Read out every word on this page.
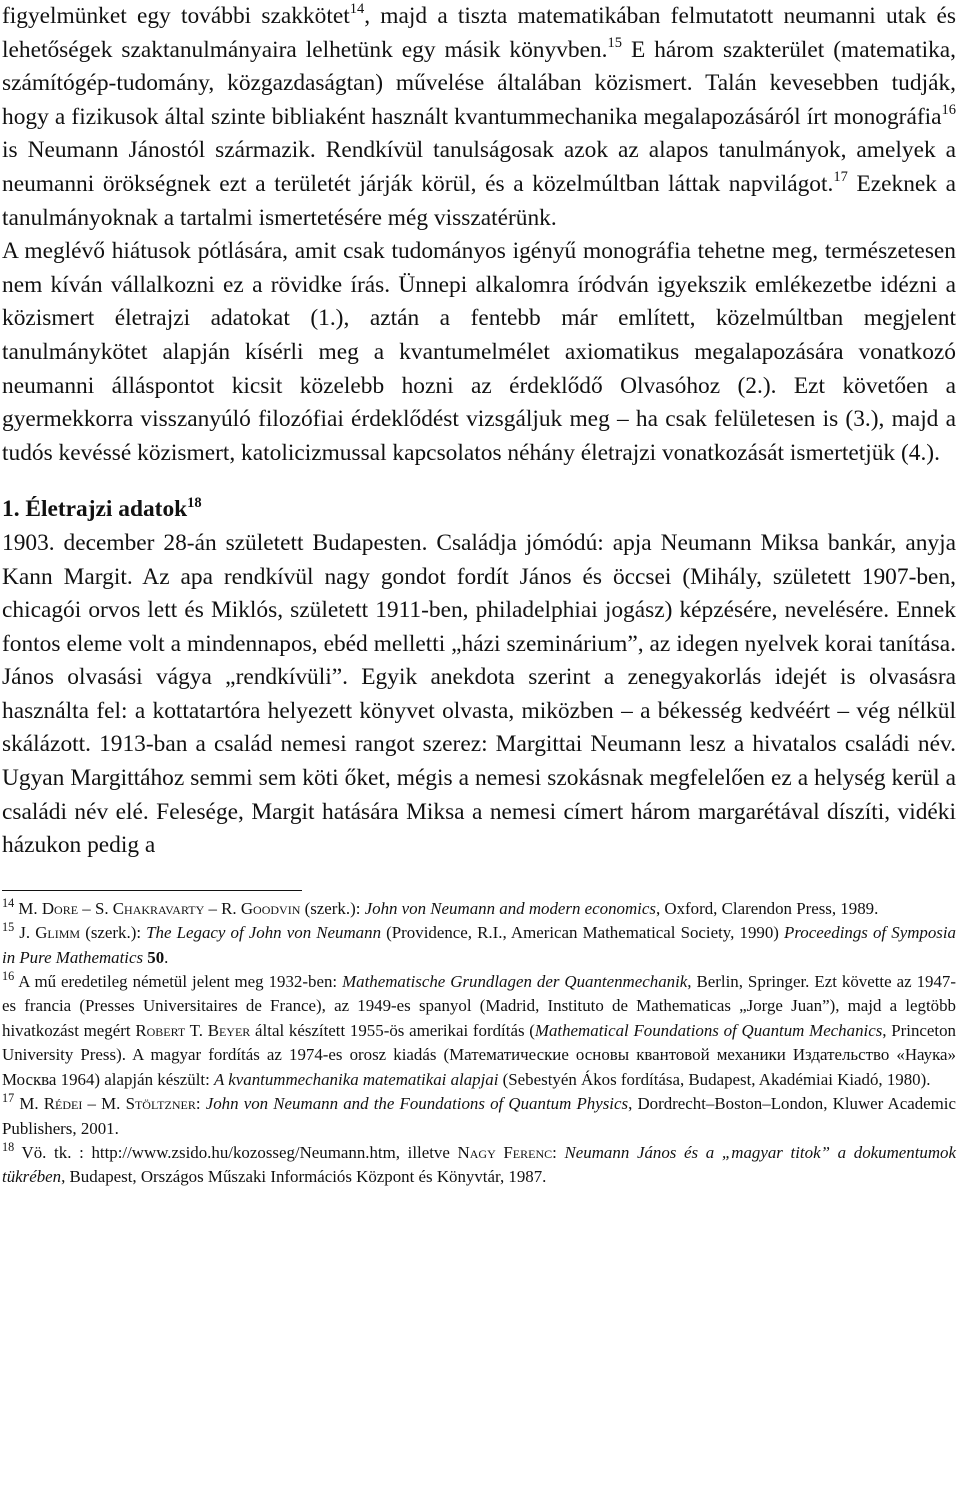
figyelmünket egy további szakkötet$^{14}$, majd a tiszta matematikában felmutatott neumanni utak és lehetőségek szaktanulmányaira lelhetünk egy másik könyvben.$^{15}$ E három szakterület (matematika, számítógép-tudomány, közgazdaságtan) művelése általában közismert. Talán kevesebben tudják, hogy a fizikusok által szinte bibliaként használt kvantummechanika megalapozásáról írt monográfia$^{16}$ is Neumann Jánostól származik. Rendkívül tanulságosak azok az alapos tanulmányok, amelyek a neumanni örökségnek ezt a területét járják körül, és a közelmúltban láttak napvilágot.$^{17}$ Ezeknek a tanulmányoknak a tartalmi ismertetésére még visszatérünk.

A meglévő hiátusok pótlására, amit csak tudományos igényű monográfia tehetne meg, természetesen nem kíván vállalkozni ez a rövidke írás. Ünnepi alkalomra íródván igyekszik emlékezetbe idézni a közismert életrajzi adatokat (1.), aztán a fentebb már említett, közelmúltban megjelent tanulmánykötet alapján kísérli meg a kvantumelmélet axiomatikus megalapozására vonatkozó neumanni álláspontot kicsit közelebb hozni az érdeklődő Olvasóhoz (2.). Ezt követően a gyermekkorra visszanyúló filozófiai érdeklődést vizsgáljuk meg – ha csak felületesen is (3.), majd a tudós kevéssé közismert, katolicizmussal kapcsolatos néhány életrajzi vonatkozását ismertetjük (4.).

1. Életrajzi adatok$^{18}$

1903. december 28-án született Budapesten. Családja jómódú: apja Neumann Miksa bankár, anyja Kann Margit. Az apa rendkívül nagy gondot fordít János és öccsei (Mihály, született 1907-ben, chicagói orvos lett és Miklós, született 1911-ben, philadelphiai jogász) képzésére, nevelésére. Ennek fontos eleme volt a mindennapos, ebéd melletti „házi szeminárium”, az idegen nyelvek korai tanítása. János olvasási vágya „rendkívüli”. Egyik anekdota szerint a zenegyakorlás idejét is olvasásra használta fel: a kottatartóra helyezett könyvet olvasta, miközben – a békesség kedvéért – vég nélkül skálázott. 1913-ban a család nemesi rangot szerez: Margittai Neumann lesz a hivatalos családi név. Ugyan Margittához semmi sem köti őket, mégis a nemesi szokásnak megfelelően ez a helység kerül a családi név elé. Felesége, Margit hatására Miksa a nemesi címert három margarétával díszíti, vidéki házukon pedig a

$^{14}$ M. Dore – S. Chakravarty – R. Goodvin (szerk.): John von Neumann and modern economics, Oxford, Clarendon Press, 1989.

$^{15}$ J. Glimm (szerk.): The Legacy of John von Neumann (Providence, R.I., American Mathematical Society, 1990) Proceedings of Symposia in Pure Mathematics 50.

$^{16}$ A mű eredetileg németül jelent meg 1932-ben: Mathematische Grundlagen der Quantenmechanik, Berlin, Springer. Ezt követte az 1947-es francia (Presses Universitaires de France), az 1949-es spanyol (Madrid, Instituto de Mathematicas „Jorge Juan”), majd a legtöbb hivatkozást megért Robert T. Beyer által készített 1955-ös amerikai fordítás (Mathematical Foundations of Quantum Mechanics, Princeton University Press). A magyar fordítás az 1974-es orosz kiadás (Математические основы квантовой механики Издательство «Наука» Москва 1964) alapján készült: A kvantummechanika matematikai alapjai (Sebestyén Ákos fordítása, Budapest, Akadémiai Kiadó, 1980).

$^{17}$ M. Rédei – M. Stöltzner: John von Neumann and the Foundations of Quantum Physics, Dordrecht–Boston–London, Kluwer Academic Publishers, 2001.

$^{18}$ Vö. tk. : http://www.zsido.hu/kozosseg/Neumann.htm, illetve Nagy Ferenc: Neumann János és a „magyar titok” a dokumentumok tükrében, Budapest, Országos Műszaki Információs Központ és Könyvtár, 1987.
